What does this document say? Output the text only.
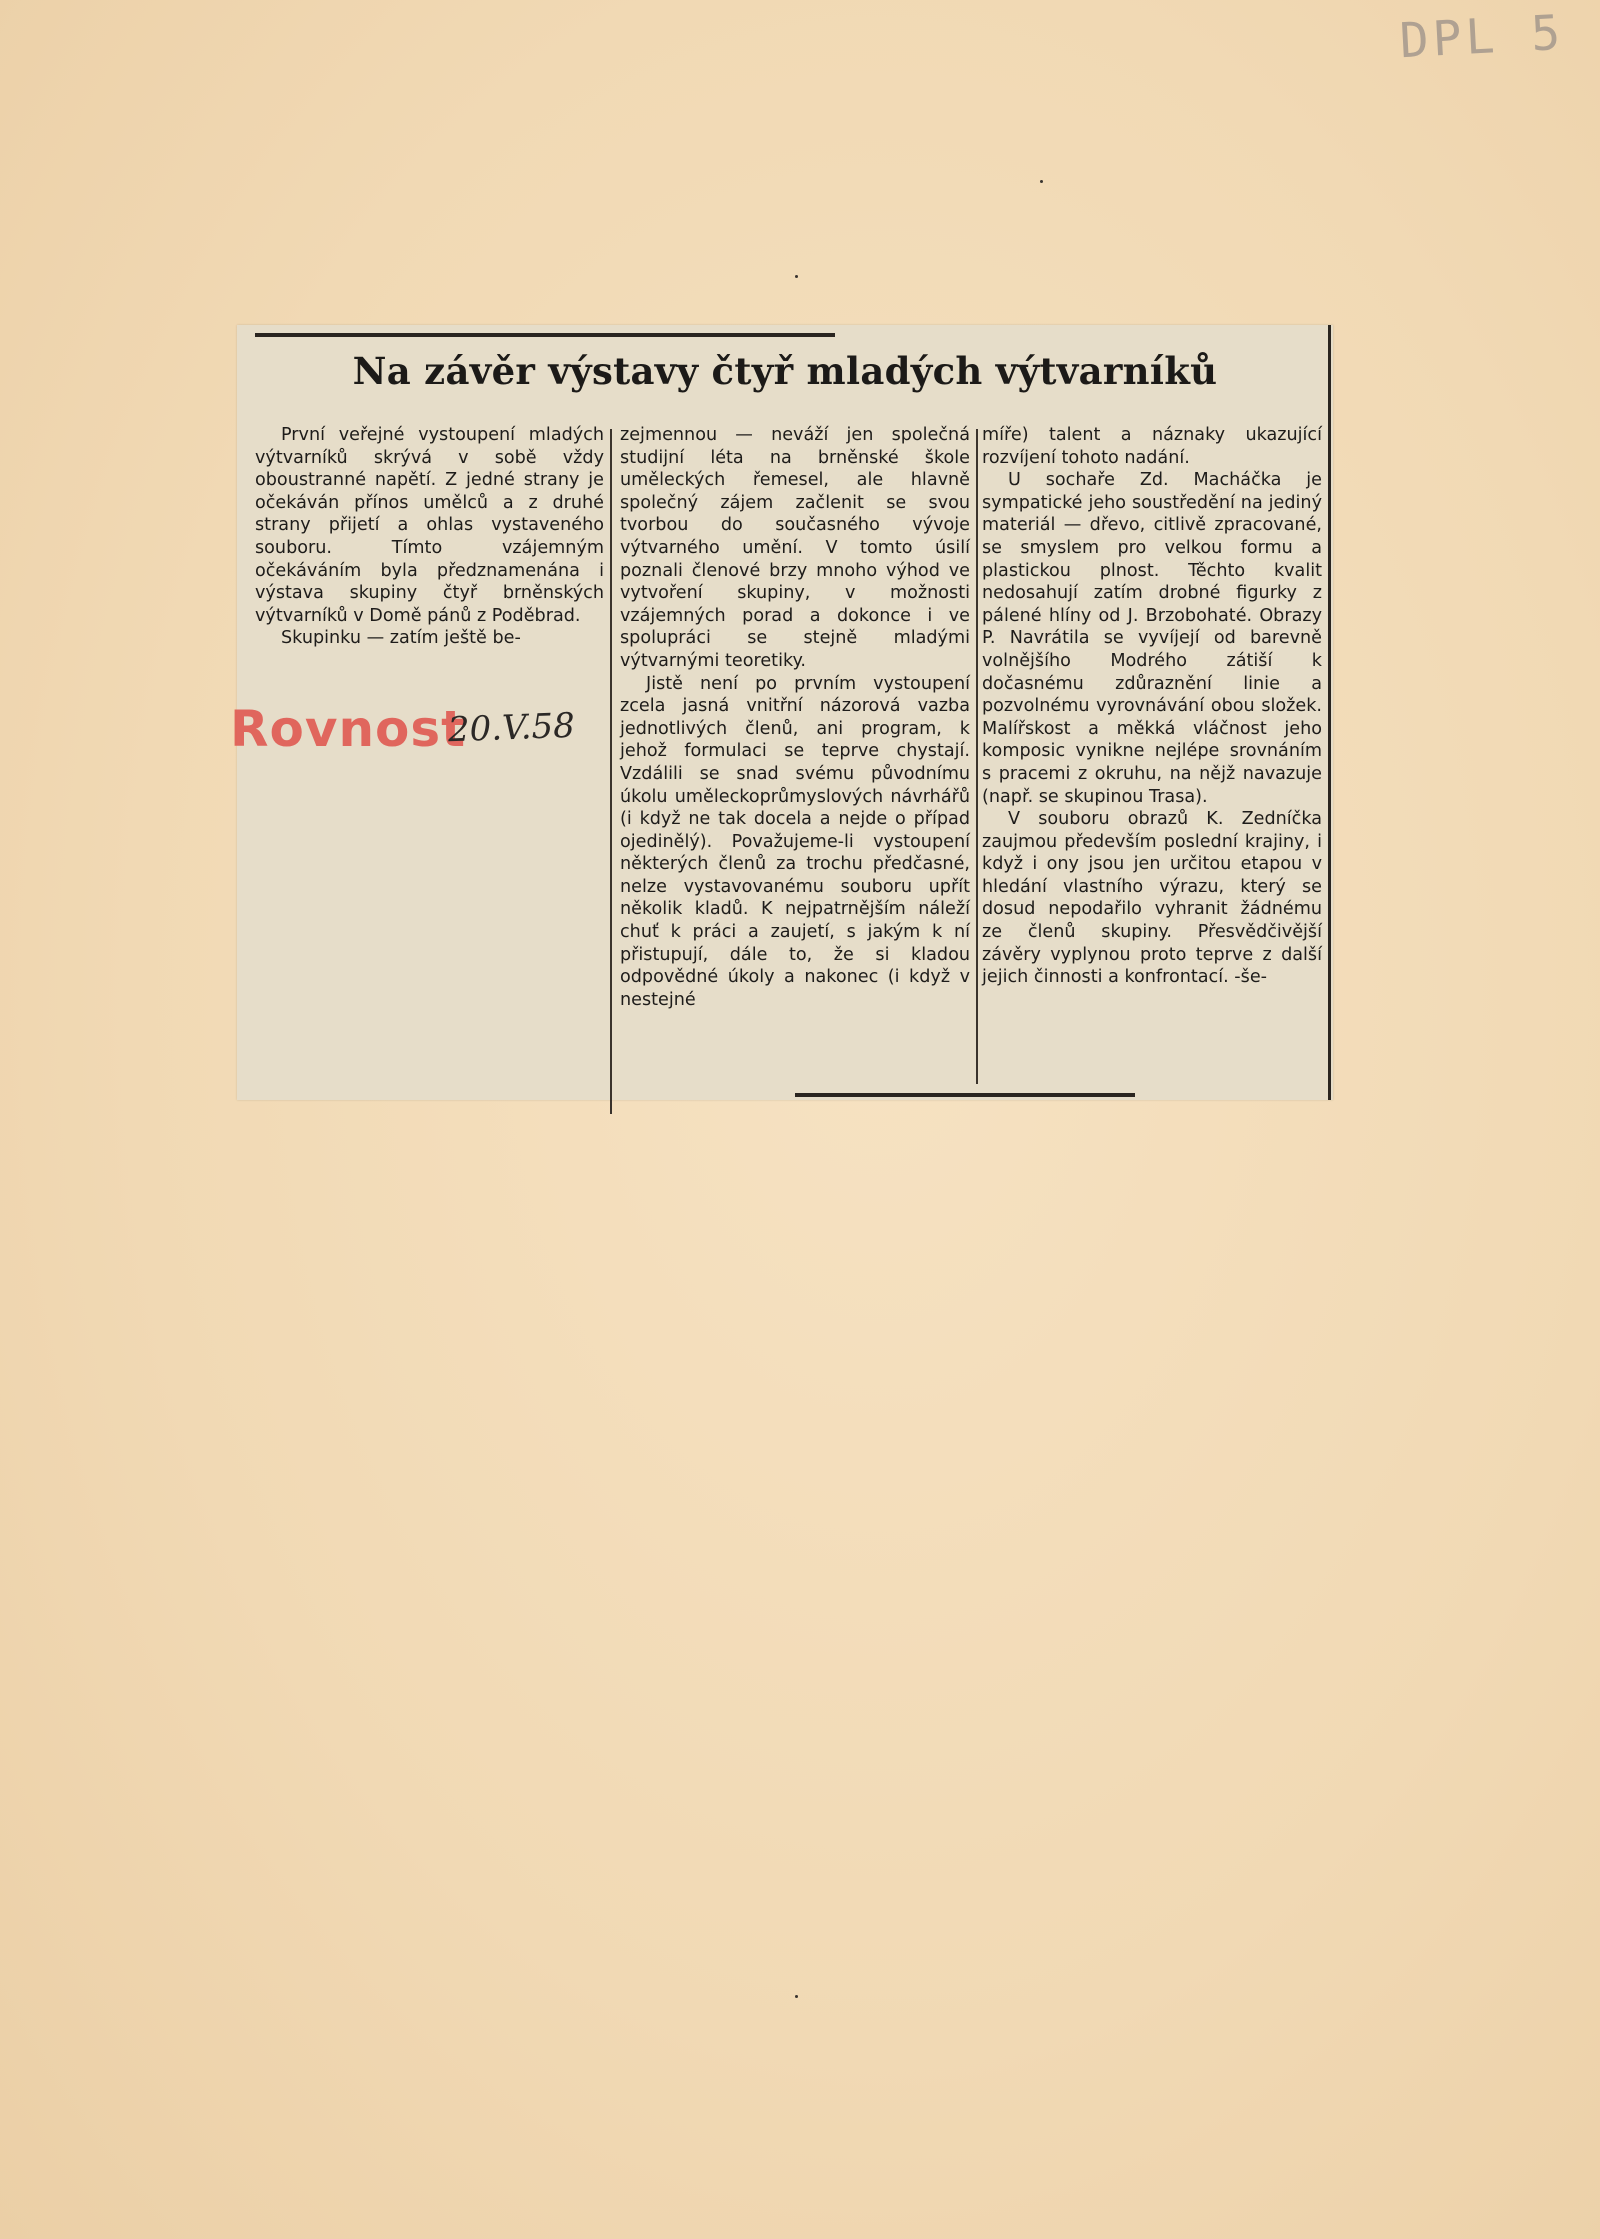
DPL 5
Na závěr výstavy čtyř mladých výtvarníků

První veřejné vystoupení mladých výtvarníků skrývá v sobě vždy oboustranné napětí. Z jedné strany je očekáván přínos umělců a z druhé strany přijetí a ohlas vystaveného souboru. Tímto vzájemným očekáváním byla předznamenána i výstava skupiny čtyř brněnských výtvarníků v Domě pánů z Poděbrad.

Skupinku — zatím ještě be-

zejmennou — neváží jen společná studijní léta na brněnské škole uměleckých řemesel, ale hlavně společný zájem začlenit se svou tvorbou do současného vývoje výtvarného umění. V tomto úsilí poznali členové brzy mnoho výhod ve vytvoření skupiny, v možnosti vzájemných porad a dokonce i ve spolupráci se stejně mladými výtvarnými teoretiky.

Jistě není po prvním vystoupení zcela jasná vnitřní názorová vazba jednotlivých členů, ani program, k jehož formulaci se teprve chystají. Vzdálili se snad svému původnímu úkolu uměleckoprůmyslových návrhářů (i když ne tak docela a nejde o případ ojedinělý). Považujeme-li vystoupení některých členů za trochu předčasné, nelze vystavovanému souboru upřít několik kladů. K nejpatrnějším náleží chuť k práci a zaujetí, s jakým k ní přistupují, dále to, že si kladou odpovědné úkoly a nakonec (i když v nestejné

míře) talent a náznaky ukazující rozvíjení tohoto nadání.

U sochaře Zd. Macháčka je sympatické jeho soustředění na jediný materiál — dřevo, citlivě zpracované, se smyslem pro velkou formu a plastickou plnost. Těchto kvalit nedosahují zatím drobné figurky z pálené hlíny od J. Brzobohaté. Obrazy P. Navrátila se vyvíjejí od barevně volnějšího Modrého zátiší k dočasnému zdůraznění linie a pozvolnému vyrovnávání obou složek. Malířskost a měkká vláčnost jeho komposic vynikne nejlépe srovnáním s pracemi z okruhu, na nějž navazuje (např. se skupinou Trasa).

V souboru obrazů K. Zedníčka zaujmou především poslední krajiny, i když i ony jsou jen určitou etapou v hledání vlastního výrazu, který se dosud nepodařilo vyhranit žádnému ze členů skupiny. Přesvědčivější závěry vyplynou proto teprve z další jejich činnosti a konfrontací. -še-

Rovnost
20.V.58
